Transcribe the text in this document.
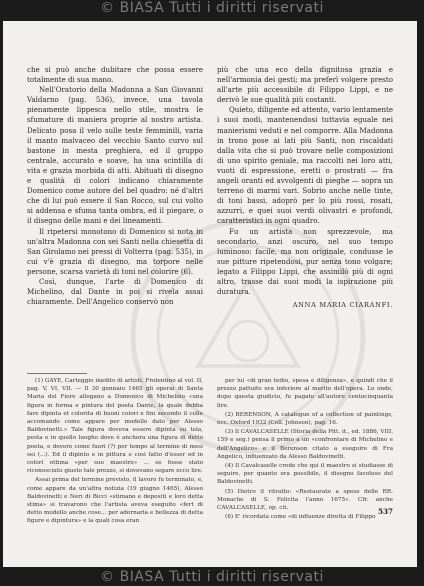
© BIASA Tutti i diritti riservati

che si può anche dubitare che possa essere totalmente di sua mano.

Nell'Oratorio della Madonna a San Giovanni Valdarno (pag. 536), invece, una tavola pienamente lippesca nello stile, mostra le sfumature di maniera proprie al nostro artista. Delicato posa il velo sulle teste femminili, varia il manto malvaceo del vecchio Santo curvo sul bastone in mesta preghiera, ed il gruppo centrale, accurato e soave, ha una scintilla di vita e grazia morbida di atti. Abituati di disegno e qualità di colori indicano chiaramente Domenico come autore del bel quadro: né d'altri che di lui può essere il San Rocco, sul cui volto si addensa e sfuma tanta ombra, ed il piegare, o il disegno delle mani e dei lineamenti.

Il ripetersi monotono di Domenico si nota in un'altra Madonna con sei Santi nella chiesetta di San Girolamo nei pressi di Volterra (pag. 535), in cui v'è grazia di disegno, ma torpore nelle persone, scarsa varietà di toni nel colorire (6).

Così, dunque, l'arte di Domenico di Michelino, dal Dante in poi si rivela assai chiaramente. Dell'Angelico conservò non

più che una eco della dignitosa grazia e nell'armonia dei gesti; ma preferì volgere presto all'arte più accessibile di Filippo Lippi, e ne derivò le sue qualità più costanti.

Quieto, diligente ed attento, vario lentamente i suoi modi, mantenendosi tuttavia eguale nei manierismi vedutì e nel comporre. Alla Madonna in trono pose ai lati più Santi, non riscaldati dalla vita che si può trovare nelle composizioni di uno spirito geniale, ma raccolti nei loro atti, vuoti di espressione, eretti o prostrati — fra angeli oranti ed avvolgenti di pieghe — sopra un terreno di marmi vari. Sobrio anche nelle tinte, di toni bassi, adoprò per lo più rossi, rosati, azzurri, e quei suoi verdi olivastri e profondi, caratteristici in ogni quadro.

Fu un artista non sprezzevole, ma secondario, anzi oscuro, nel suo tempo luminoso: facile, ma non originale, condusse le sue pitture ripetendosi, pur senza tono volgare; legato a Filippo Lippi, che assimilò più di ogni altro, trasse dai suoi modi la ispirazione più duratura.

ANNA MARIA CIARANFI.

(1) GAYE, Carteggio inedito di artisti. Frolentino al vol. II, pag. V, VI, VII. — Il 30 gennaio 1465 gli operai di Santa Maria del Fiore allogano a Domenico di Michelino «una figura in forma e pintura del poeta Dante, la quale debba fare dipinta et colorita di buoni colori e fini secondo il colle accomando come appare per modello dato per Alesso Baldovinetti.» Tale figura dovevа essere dipinta su tela, posta e in quello luogho dove è anchora una figura di detto poeta, e dovere come fuori (?) per tempo al termine di mesi sei (...). Ed il dipinto e in pittura e cosi fatto d'esser ed in colori ottima «per suo maestro» ... se fosse stato riconosciuto giusto tale prezzo, si dovevano segare ecco lire.

Assai prima del termine previsto, il lavoro fu terminato, e, come appare da un'altra notizia (19 giugno 1465), Alesso Baldovinetti e Neri di Bicci «stimano e depositi e loro detta stima» si travarono che l'artista aveva eseguito «fert di detto modello anche cose... per adornarla e bellezza di detta figure e dipintura» e la quali cosa eran

per lui «di gran tedio, spesa e diligenza», e quindi che il prezzo pattuito era inferiore al merito dell'opera. Lo onde, dopo questa giudicio, fu pagato all'autore centocinquanta lire.

(2) BERENSON, A catalogue of a collection of paintings, ecc. Oxford 1932 (Coll. Johnson), pag. 16.

(3) Il CAVALCASELLE (Storia della Pitt. it., ed. 1886, VIII, 159 e seg.) pensa il primo a un «confrontare di Michelino e dell'Angelico» e il Berenson citato a eseguire di Fra Angelico, influenzato da Alesso Baldovinetti.

(4) Il Cavalcaselle crede che qui il maestro si studiasse di seguire, per quanto era possibile, il disegno favoloso del Baldovinetti.

(5) Dietro il ritratto: «Restaurato a spese delle RR. Monache di S. Felicita l'anno 1675». Cfr. anche CAVALCASELLE, op. cit.

(6) E' ricordata come «di influenze diretta di Filippo

537
© BIASA Tutti i diritti riservati
